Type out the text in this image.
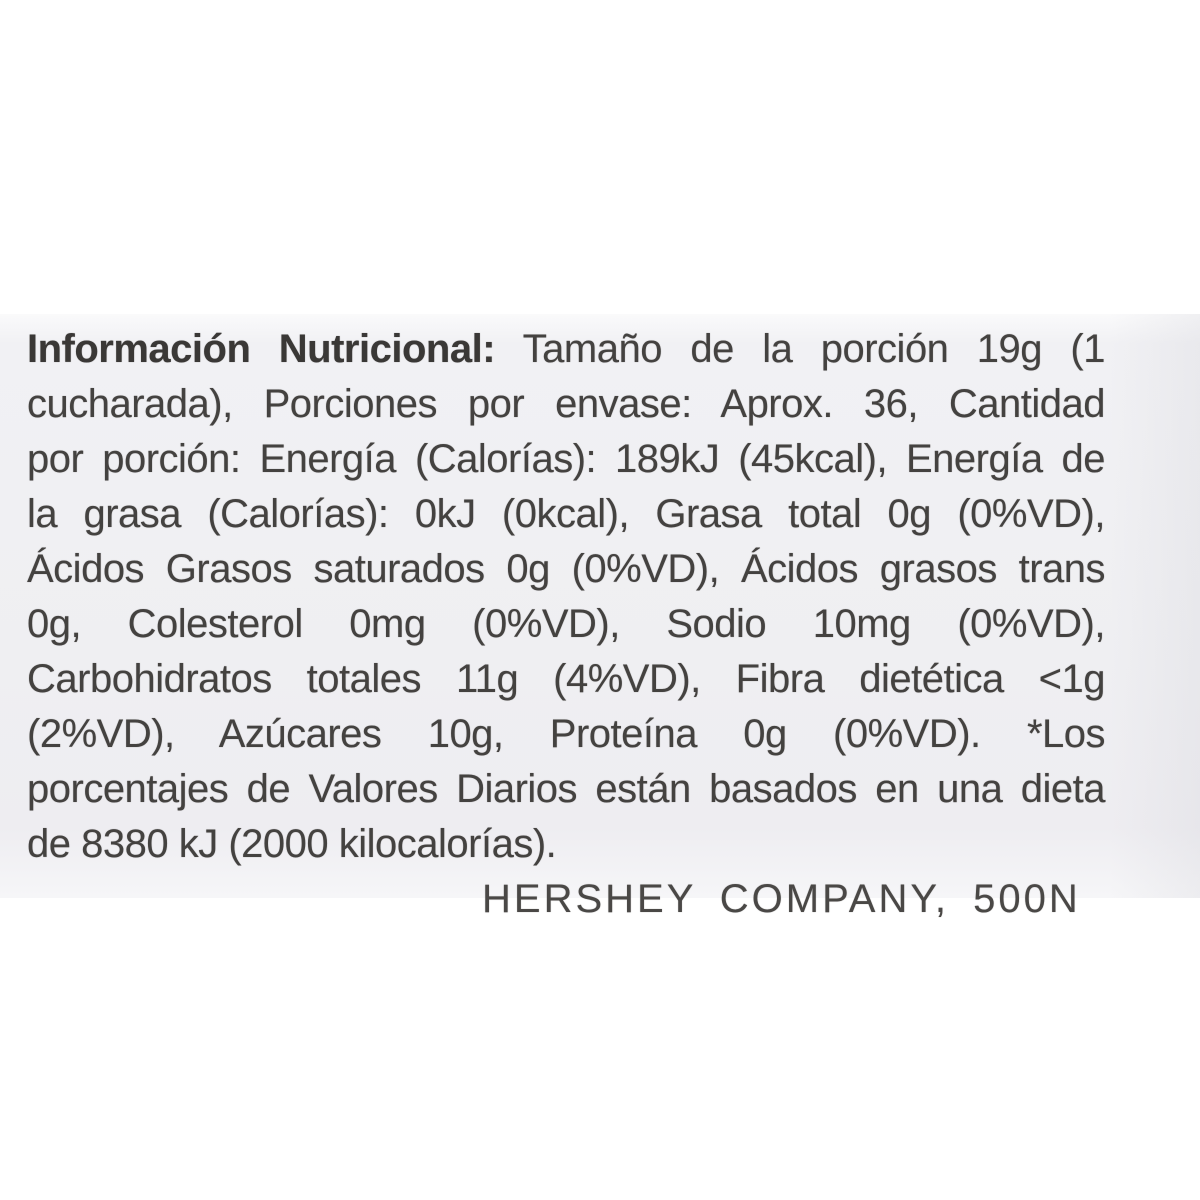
Información Nutricional: Tamaño de la porción 19g (1
cucharada), Porciones por envase: Aprox. 36, Cantidad
por porción: Energía (Calorías): 189kJ (45kcal), Energía de
la grasa (Calorías): 0kJ (0kcal), Grasa total 0g (0%VD),
Ácidos Grasos saturados 0g (0%VD), Ácidos grasos trans
0g, Colesterol 0mg (0%VD), Sodio 10mg (0%VD),
Carbohidratos totales 11g (4%VD), Fibra dietética <1g
(2%VD), Azúcares 10g, Proteína 0g (0%VD). *Los
porcentajes de Valores Diarios están basados en una dieta
de 8380 kJ (2000 kilocalorías).
HERSHEY COMPANY, 500N
